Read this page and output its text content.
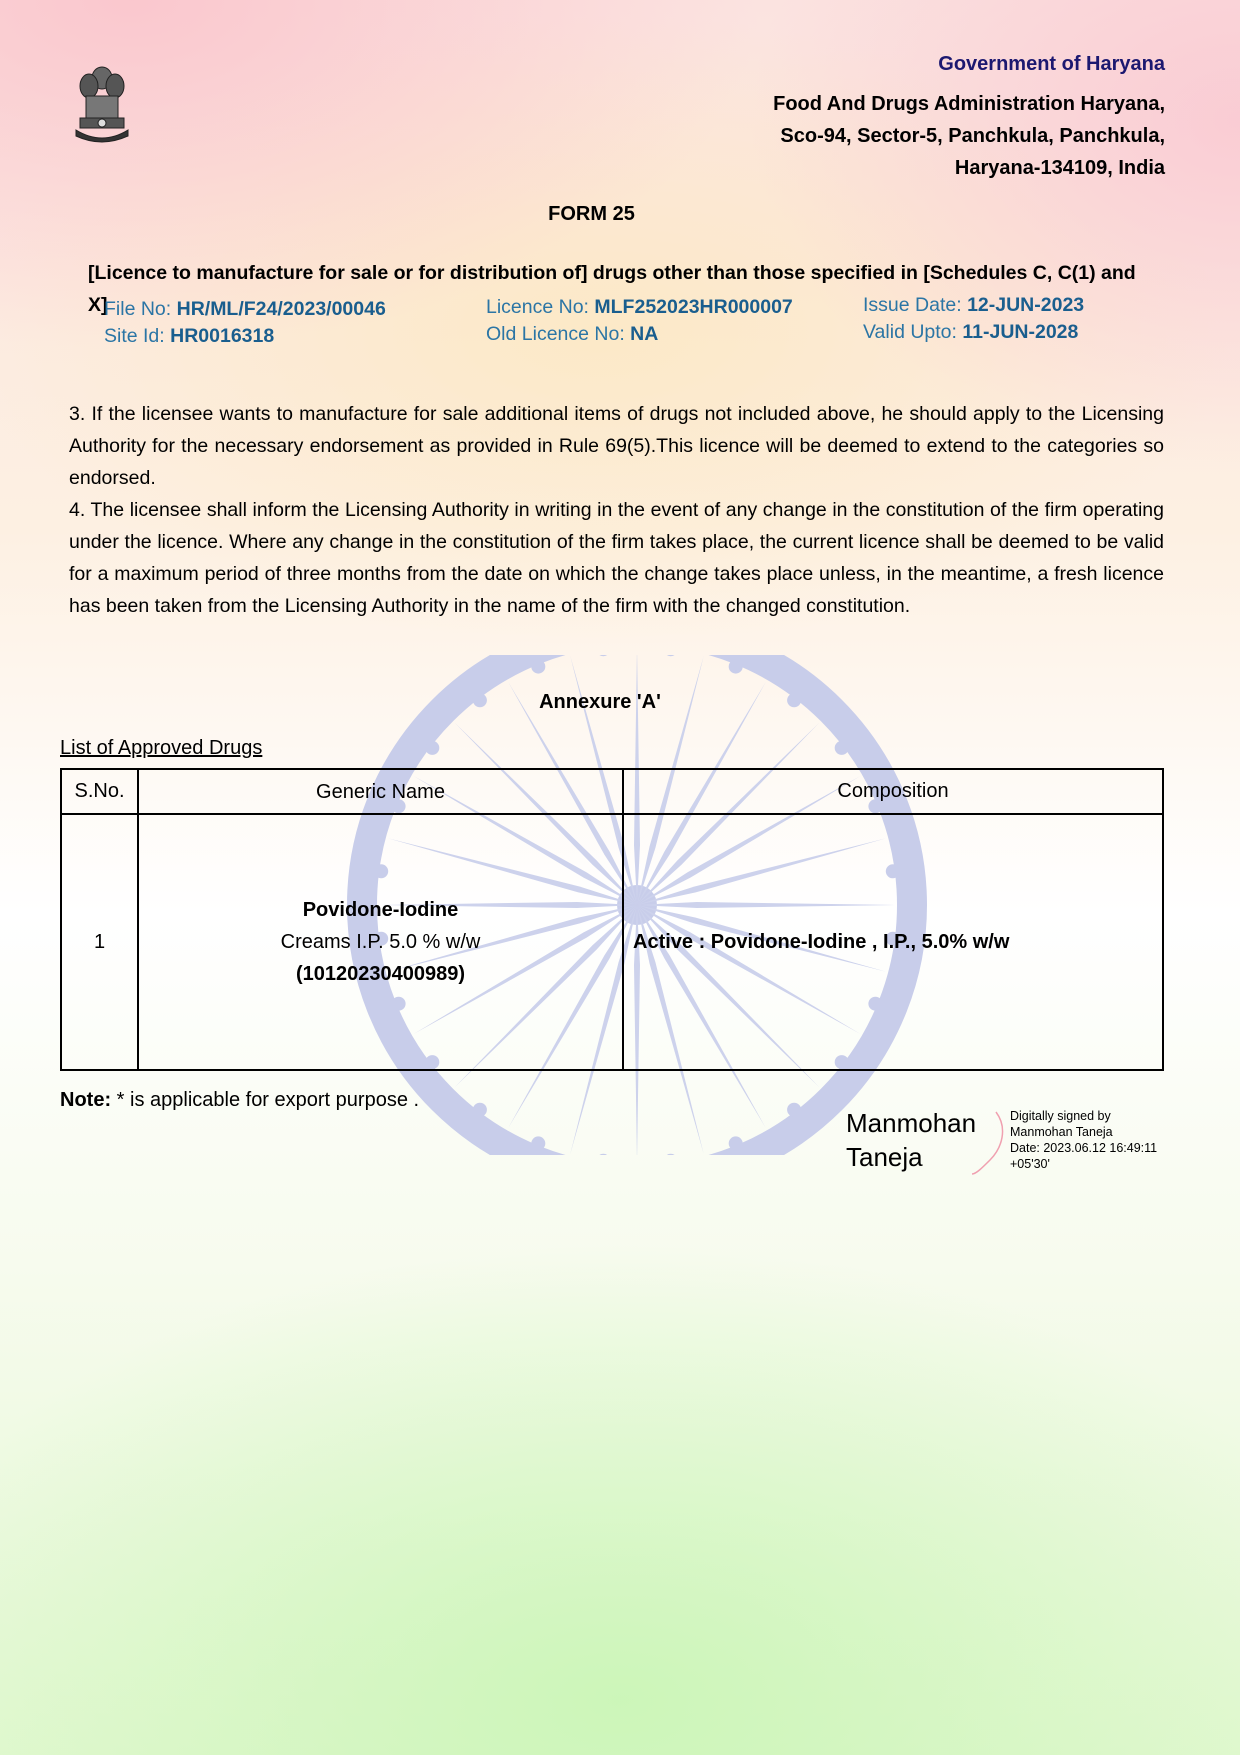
Government of Haryana
Food And Drugs Administration Haryana,
Sco-94, Sector-5, Panchkula, Panchkula,
Haryana-134109, India
FORM 25
[Licence to manufacture for sale or for distribution of] drugs other than those specified in [Schedules C, C(1) and X]
File No: HR/ML/F24/2023/00046
Site Id: HR0016318
Licence No: MLF252023HR000007
Old Licence No: NA
Issue Date: 12-JUN-2023
Valid Upto: 11-JUN-2028

3. If the licensee wants to manufacture for sale additional items of drugs not included above, he should apply to the Licensing Authority for the necessary endorsement as provided in Rule 69(5).This licence will be deemed to extend to the categories so endorsed.

4. The licensee shall inform the Licensing Authority in writing in the event of any change in the constitution of the firm operating under the licence. Where any change in the constitution of the firm takes place, the current licence shall be deemed to be valid for a maximum period of three months from the date on which the change takes place unless, in the meantime, a fresh licence has been taken from the Licensing Authority in the name of the firm with the changed constitution.

Annexure 'A'
List of Approved Drugs
S.No.	Generic Name	Composition
1	Povidone-Iodine
Creams I.P. 5.0 % w/w
(10120230400989)	Active : Povidone-Iodine , I.P., 5.0% w/w
Note: * is applicable for export purpose .
Manmohan
Taneja
Digitally signed by
Manmohan Taneja
Date: 2023.06.12 16:49:11
+05'30'
